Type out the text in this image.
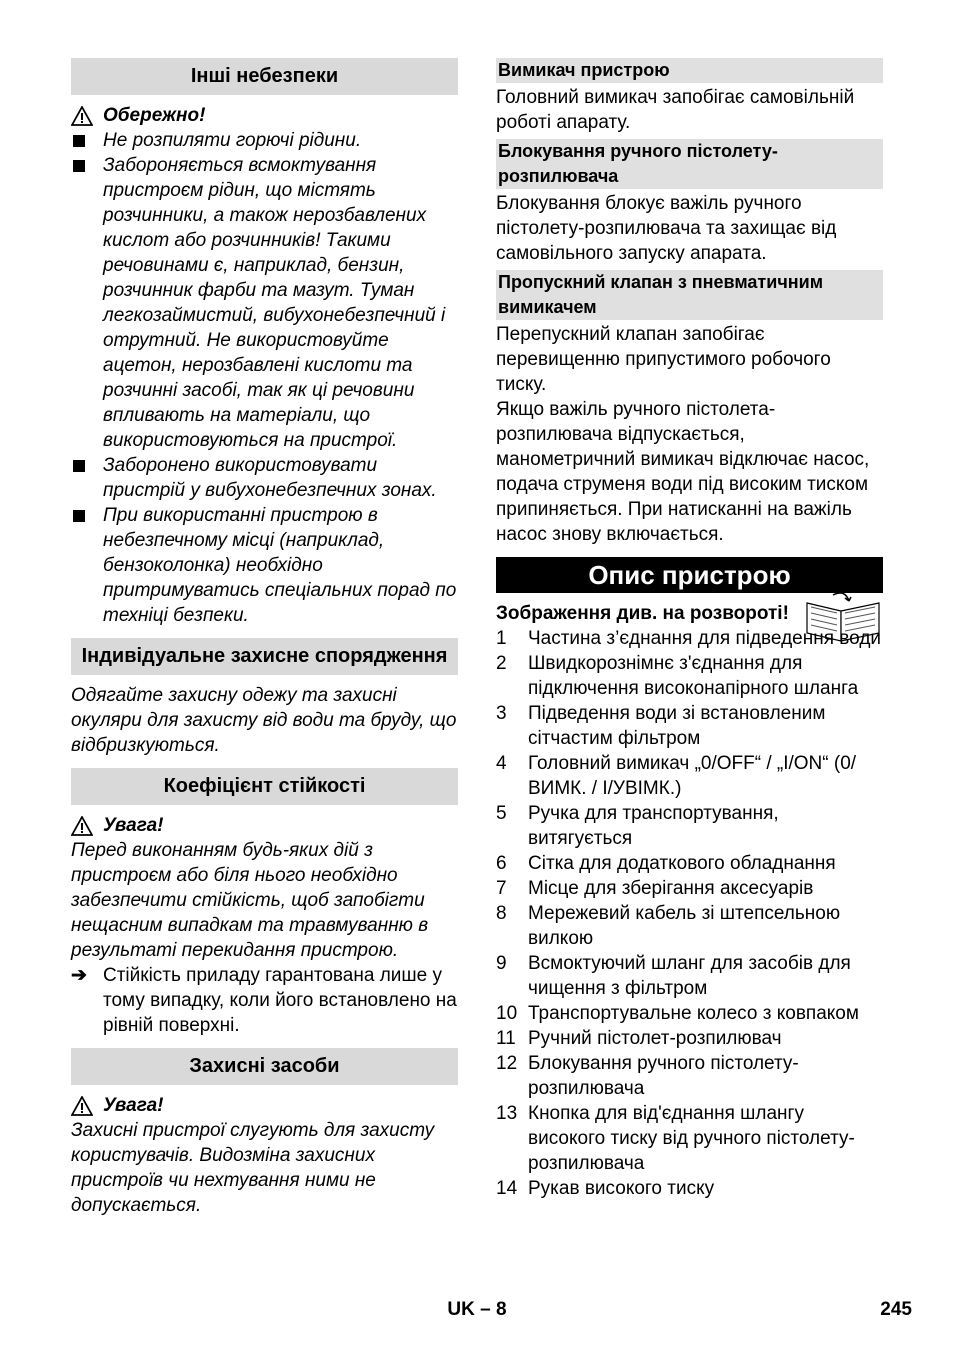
Інші небезпеки
Обережно!
Не розпиляти горючі рідини.
Забороняється всмоктування пристроєм рідин, що містять розчинники, а також нерозбавлених кислот або розчинників! Такими речовинами є, наприклад, бензин, розчинник фарби та мазут. Туман легкозаймистий, вибухонебезпечний і отрутний. Не використовуйте ацетон, нерозбавлені кислоти та розчинні засобі, так як ці речовини впливають на матеріали, що використовуються на пристрої.
Заборонено використовувати пристрій у вибухонебезпечних зонах.
При використанні пристрою в небезпечному місці (наприклад, бензоколонка) необхідно притримуватись спеціальних порад по техніці безпеки.
Індивідуальне захисне спорядження
Одягайте захисну одежу та захисні окуляри для захисту від води та бруду, що відбризкуються.
Коефіцієнт стійкості
Увага!
Перед виконанням будь-яких дій з пристроєм або біля нього необхідно забезпечити стійкість, щоб запобігти нещасним випадкам та травмуванню в результаті перекидання пристрою.
➔ Стійкість приладу гарантована лише у тому випадку, коли його встановлено на рівній поверхні.
Захисні засоби
Увага!
Захисні пристрої слугують для захисту користувачів. Видозміна захисних пристроїв чи нехтування ними не допускається.
Вимикач пристрою
Головний вимикач запобігає самовільній роботі апарату.
Блокування ручного пістолету-розпилювача
Блокування блокує важіль ручного пістолету-розпилювача та захищає від самовільного запуску апарата.
Пропускний клапан з пневматичним вимикачем
Перепускний клапан запобігає перевищенню припустимого робочого тиску.
Якщо важіль ручного пістолета-розпилювача відпускається, манометричний вимикач відключає насос, подача струменя води під високим тиском припиняється. При натисканні на важіль насос знову включається.
Опис пристрою
Зображення див. на розвороті!
1 Частина з’єднання для підведення води
2 Швидкорознімнє з'єднання для підключення високонапірного шланга
3 Підведення води зі встановленим сітчастим фільтром
4 Головний вимикач „0/OFF“ / „I/ON“ (0/ВИМК. / I/УВІМК.)
5 Ручка для транспортування, витягується
6 Сітка для додаткового обладнання
7 Місце для зберігання аксесуарів
8 Мережевий кабель зі штепсельною вилкою
9 Всмоктуючий шланг для засобів для чищення з фільтром
10 Транспортувальне колесо з ковпаком
11 Ручний пістолет-розпилювач
12 Блокування ручного пістолету-розпилювача
13 Кнопка для від'єднання шлангу високого тиску від ручного пістолету-розпилювача
14 Рукав високого тиску
UK – 8	245
